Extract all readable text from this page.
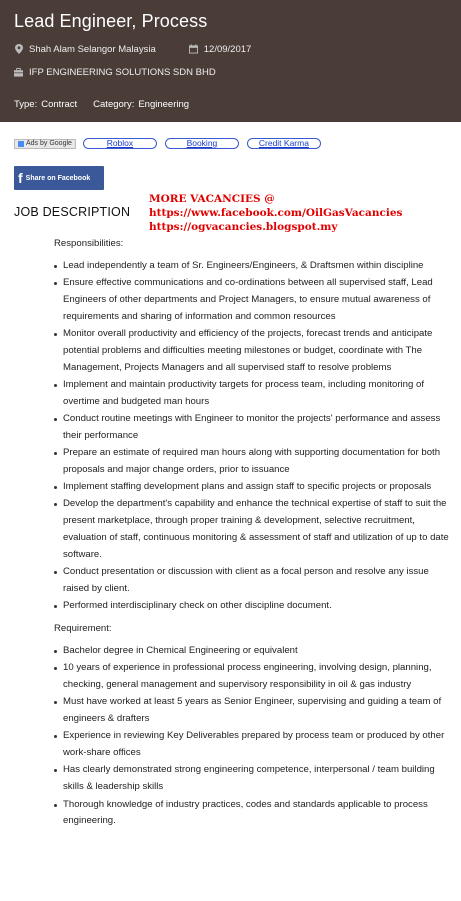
Lead Engineer, Process
Shah Alam Selangor Malaysia	12/09/2017
IFP ENGINEERING SOLUTIONS SDN BHD
Type: Contract Category: Engineering
Ads by Google	Roblox	Booking	Credit Karma
f Share on Facebook
JOB DESCRIPTION
MORE VACANCIES @
https://www.facebook.com/OilGasVacancies
https://ogvacancies.blogspot.my
Responsibilities:
Lead independently a team of Sr. Engineers/Engineers, & Draftsmen within discipline
Ensure effective communications and co-ordinations between all supervised staff, Lead Engineers of other departments and Project Managers, to ensure mutual awareness of requirements and sharing of information and common resources
Monitor overall productivity and efficiency of the projects, forecast trends and anticipate potential problems and difficulties meeting milestones or budget, coordinate with The Management, Projects Managers and all supervised staff to resolve problems
Implement and maintain productivity targets for process team, including monitoring of overtime and budgeted man hours
Conduct routine meetings with Engineer to monitor the projects' performance and assess their performance
Prepare an estimate of required man hours along with supporting documentation for both proposals and major change orders, prior to issuance
Implement staffing development plans and assign staff to specific projects or proposals
Develop the department's capability and enhance the technical expertise of staff to suit the present marketplace, through proper training & development, selective recruitment, evaluation of staff, continuous monitoring & assessment of staff and utilization of up to date software.
Conduct presentation or discussion with client as a focal person and resolve any issue raised by client.
Performed interdisciplinary check on other discipline document.
Requirement:
Bachelor degree in Chemical Engineering or equivalent
10 years of experience in professional process engineering, involving design, planning, checking, general management and supervisory responsibility in oil & gas industry
Must have worked at least 5 years as Senior Engineer, supervising and guiding a team of engineers & drafters
Experience in reviewing Key Deliverables prepared by process team or produced by other work-share offices
Has clearly demonstrated strong engineering competence, interpersonal / team building skills & leadership skills
Thorough knowledge of industry practices, codes and standards applicable to process engineering.
